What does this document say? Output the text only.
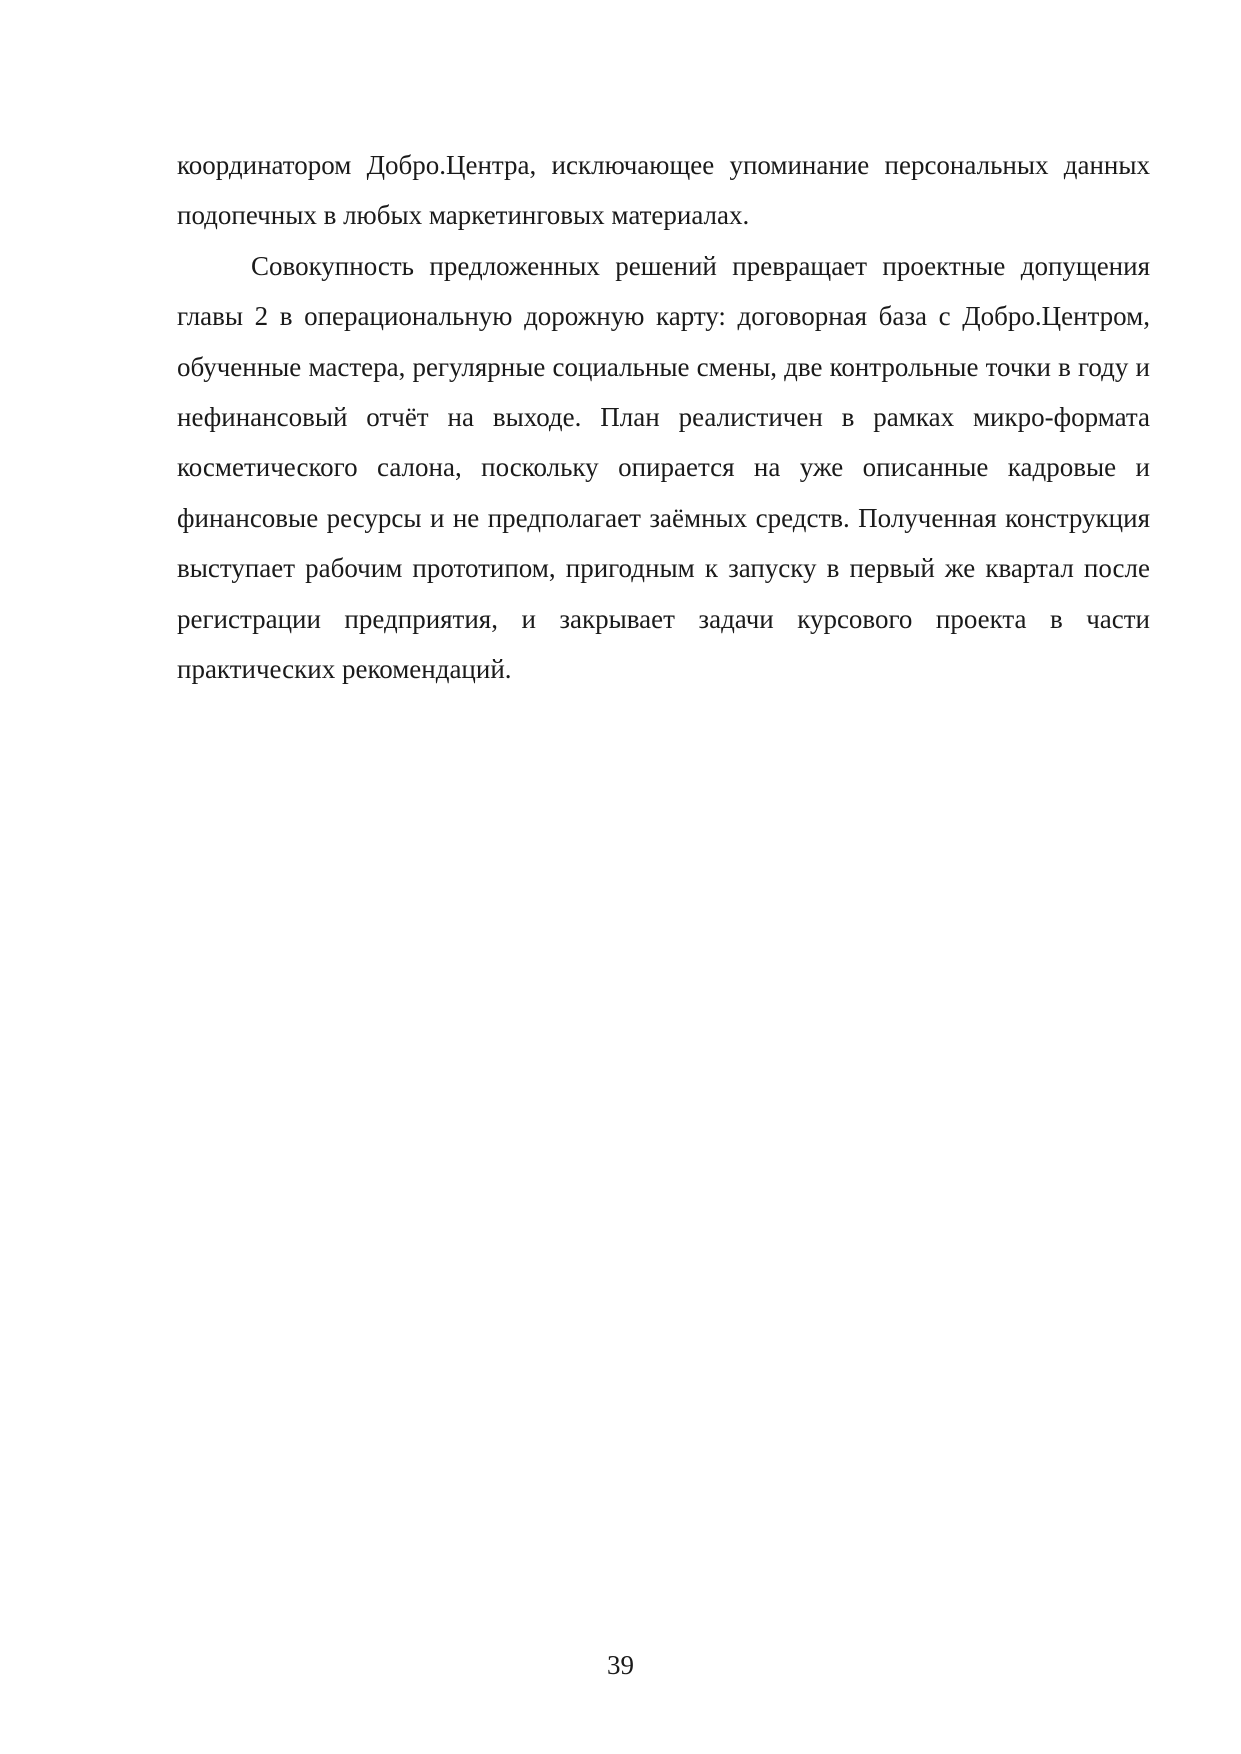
координатором Добро.Центра, исключающее упоминание персональных данных подопечных в любых маркетинговых материалах.

Совокупность предложенных решений превращает проектные допущения главы 2 в операциональную дорожную карту: договорная база с Добро.Центром, обученные мастера, регулярные социальные смены, две контрольные точки в году и нефинансовый отчёт на выходе. План реалистичен в рамках микро-формата косметического салона, поскольку опирается на уже описанные кадровые и финансовые ресурсы и не предполагает заёмных средств. Полученная конструкция выступает рабочим прототипом, пригодным к запуску в первый же квартал после регистрации предприятия, и закрывает задачи курсового проекта в части практических рекомендаций.

39
